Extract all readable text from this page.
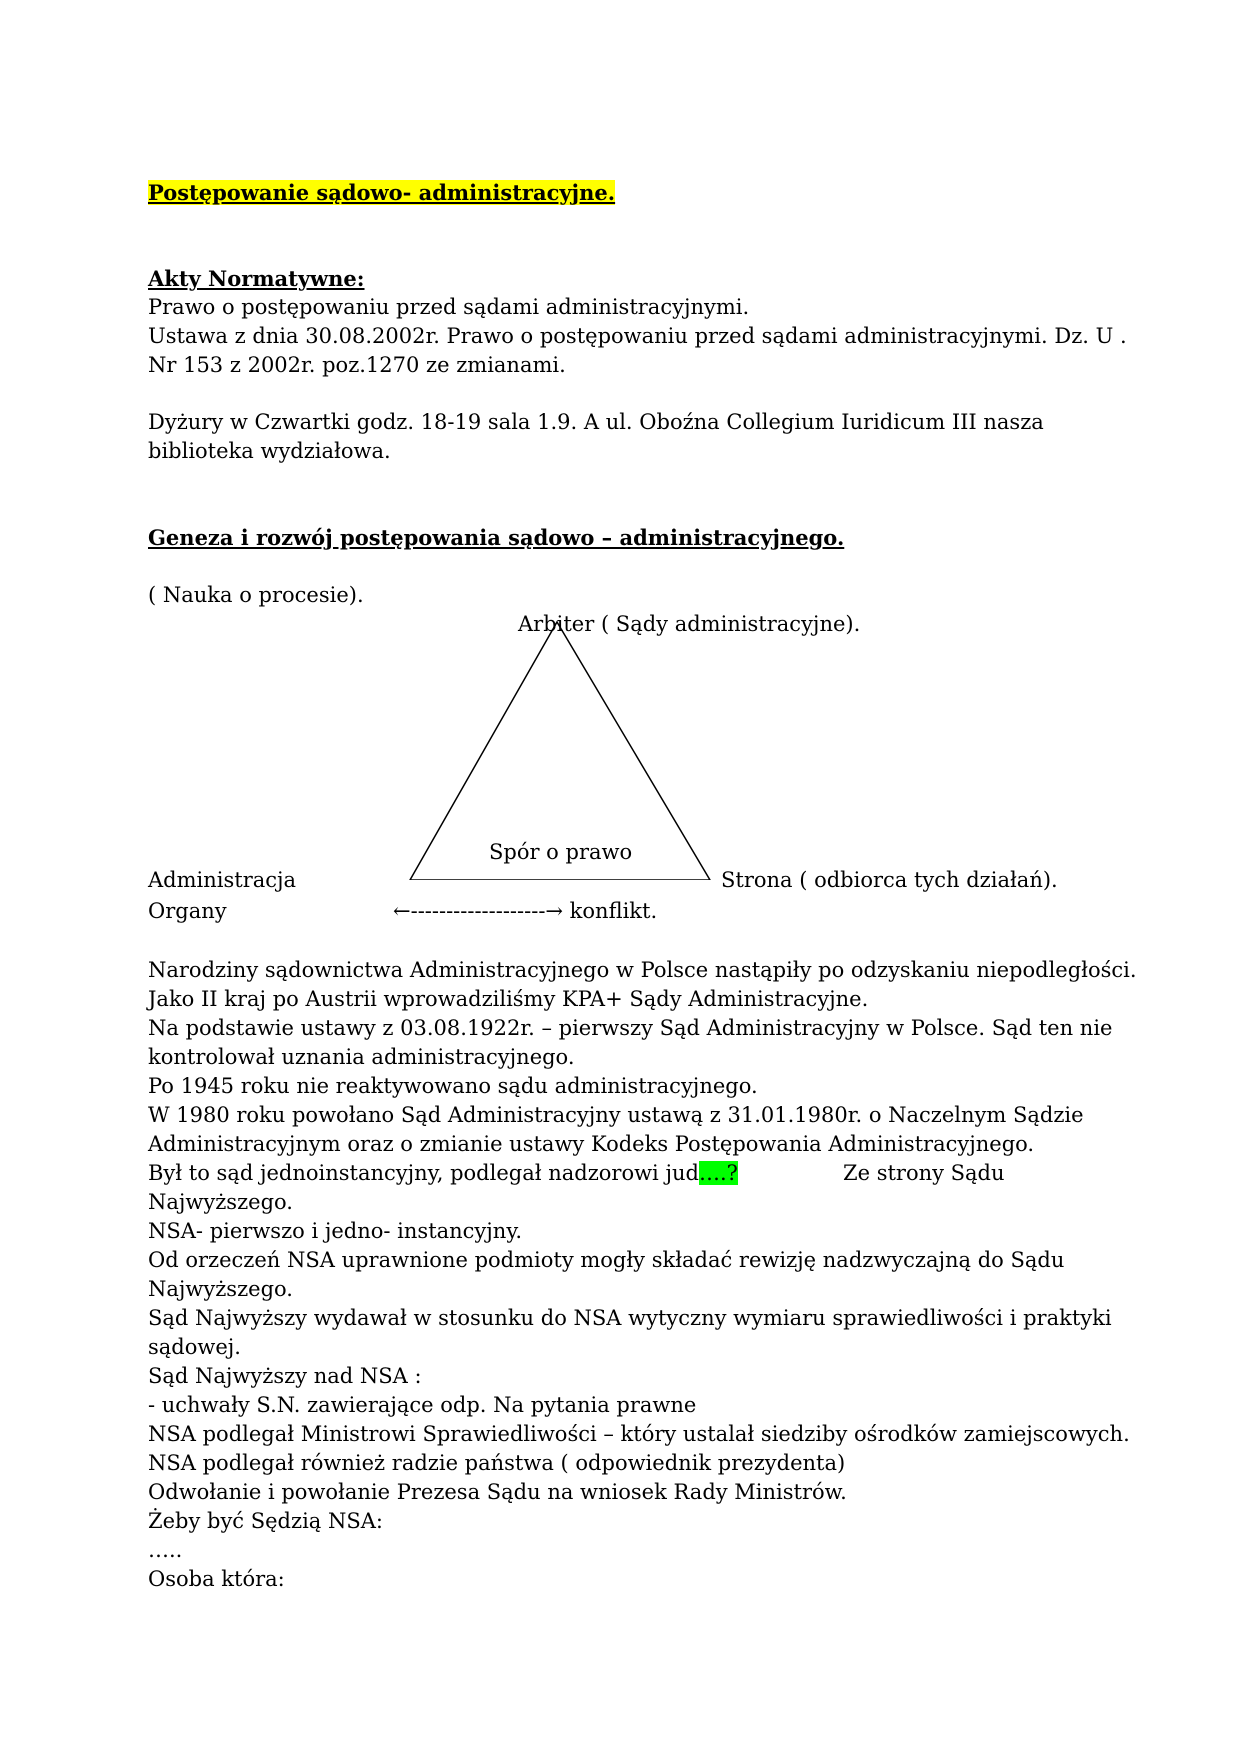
Postępowanie sądowo- administracyjne.
Akty Normatywne:
Prawo o postępowaniu przed sądami administracyjnymi.
Ustawa z dnia 30.08.2002r. Prawo o postępowaniu przed sądami administracyjnymi. Dz. U .
Nr 153 z 2002r. poz.1270 ze zmianami.
Dyżury w Czwartki godz. 18-19 sala 1.9. A ul. Oboźna Collegium Iuridicum III nasza
biblioteka wydziałowa.
Geneza i rozwój postępowania sądowo – administracyjnego.
( Nauka o procesie).
Arbiter ( Sądy administracyjne).
Spór o prawo
Administracja	Strona ( odbiorca tych działań).
Organy	←-------------------→ konflikt.
Narodziny sądownictwa Administracyjnego w Polsce nastąpiły po odzyskaniu niepodległości.
Jako II kraj po Austrii wprowadziliśmy KPA+ Sądy Administracyjne.
Na podstawie ustawy z 03.08.1922r. – pierwszy Sąd Administracyjny w Polsce. Sąd ten nie
kontrolował uznania administracyjnego.
Po 1945 roku nie reaktywowano sądu administracyjnego.
W 1980 roku powołano Sąd Administracyjny ustawą z 31.01.1980r. o Naczelnym Sądzie
Administracyjnym oraz o zmianie ustawy Kodeks Postępowania Administracyjnego.
Był to sąd jednoinstancyjny, podlegał nadzorowi jud….?	Ze strony Sądu
Najwyższego.
NSA- pierwszo i jedno- instancyjny.
Od orzeczeń NSA uprawnione podmioty mogły składać rewizję nadzwyczajną do Sądu
Najwyższego.
Sąd Najwyższy wydawał w stosunku do NSA wytyczny wymiaru sprawiedliwości i praktyki
sądowej.
Sąd Najwyższy nad NSA :
- uchwały S.N. zawierające odp. Na pytania prawne
NSA podlegał Ministrowi Sprawiedliwości – który ustalał siedziby ośrodków zamiejscowych.
NSA podlegał również radzie państwa ( odpowiednik prezydenta)
Odwołanie i powołanie Prezesa Sądu na wniosek Rady Ministrów.
Żeby być Sędzią NSA:
…..
Osoba która:
